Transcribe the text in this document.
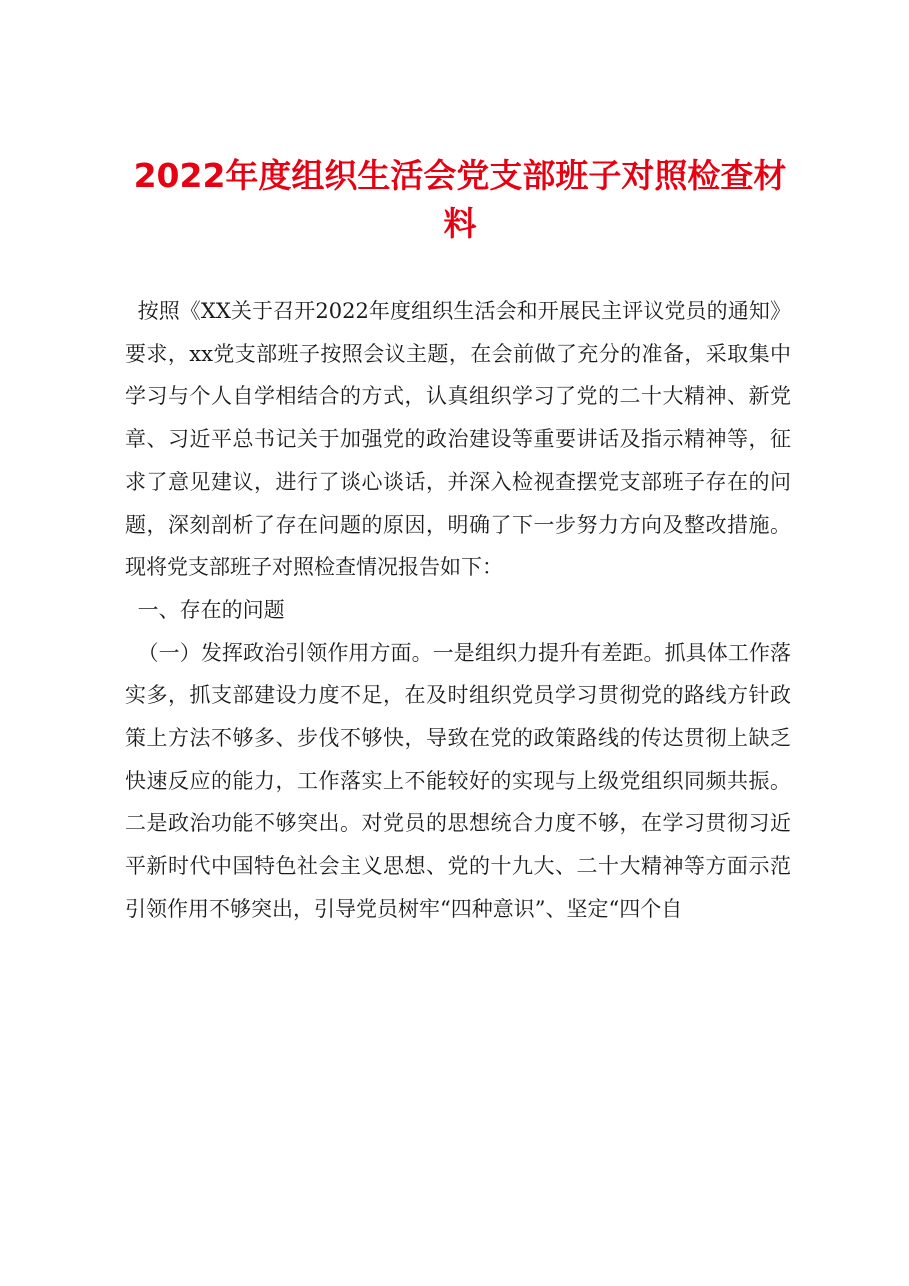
2022年度组织生活会党支部班子对照检查材料

按照《XX关于召开2022年度组织生活会和开展民主评议党员的通知》要求，xx党支部班子按照会议主题，在会前做了充分的准备，采取集中学习与个人自学相结合的方式，认真组织学习了党的二十大精神、新党章、习近平总书记关于加强党的政治建设等重要讲话及指示精神等，征求了意见建议，进行了谈心谈话，并深入检视查摆党支部班子存在的问题，深刻剖析了存在问题的原因，明确了下一步努力方向及整改措施。现将党支部班子对照检查情况报告如下：

一、存在的问题

（一）发挥政治引领作用方面。一是组织力提升有差距。抓具体工作落实多，抓支部建设力度不足，在及时组织党员学习贯彻党的路线方针政策上方法不够多、步伐不够快，导致在党的政策路线的传达贯彻上缺乏快速反应的能力，工作落实上不能较好的实现与上级党组织同频共振。二是政治功能不够突出。对党员的思想统合力度不够，在学习贯彻习近平新时代中国特色社会主义思想、党的十九大、二十大精神等方面示范引领作用不够突出，引导党员树牢“四种意识”、坚定“四个自
